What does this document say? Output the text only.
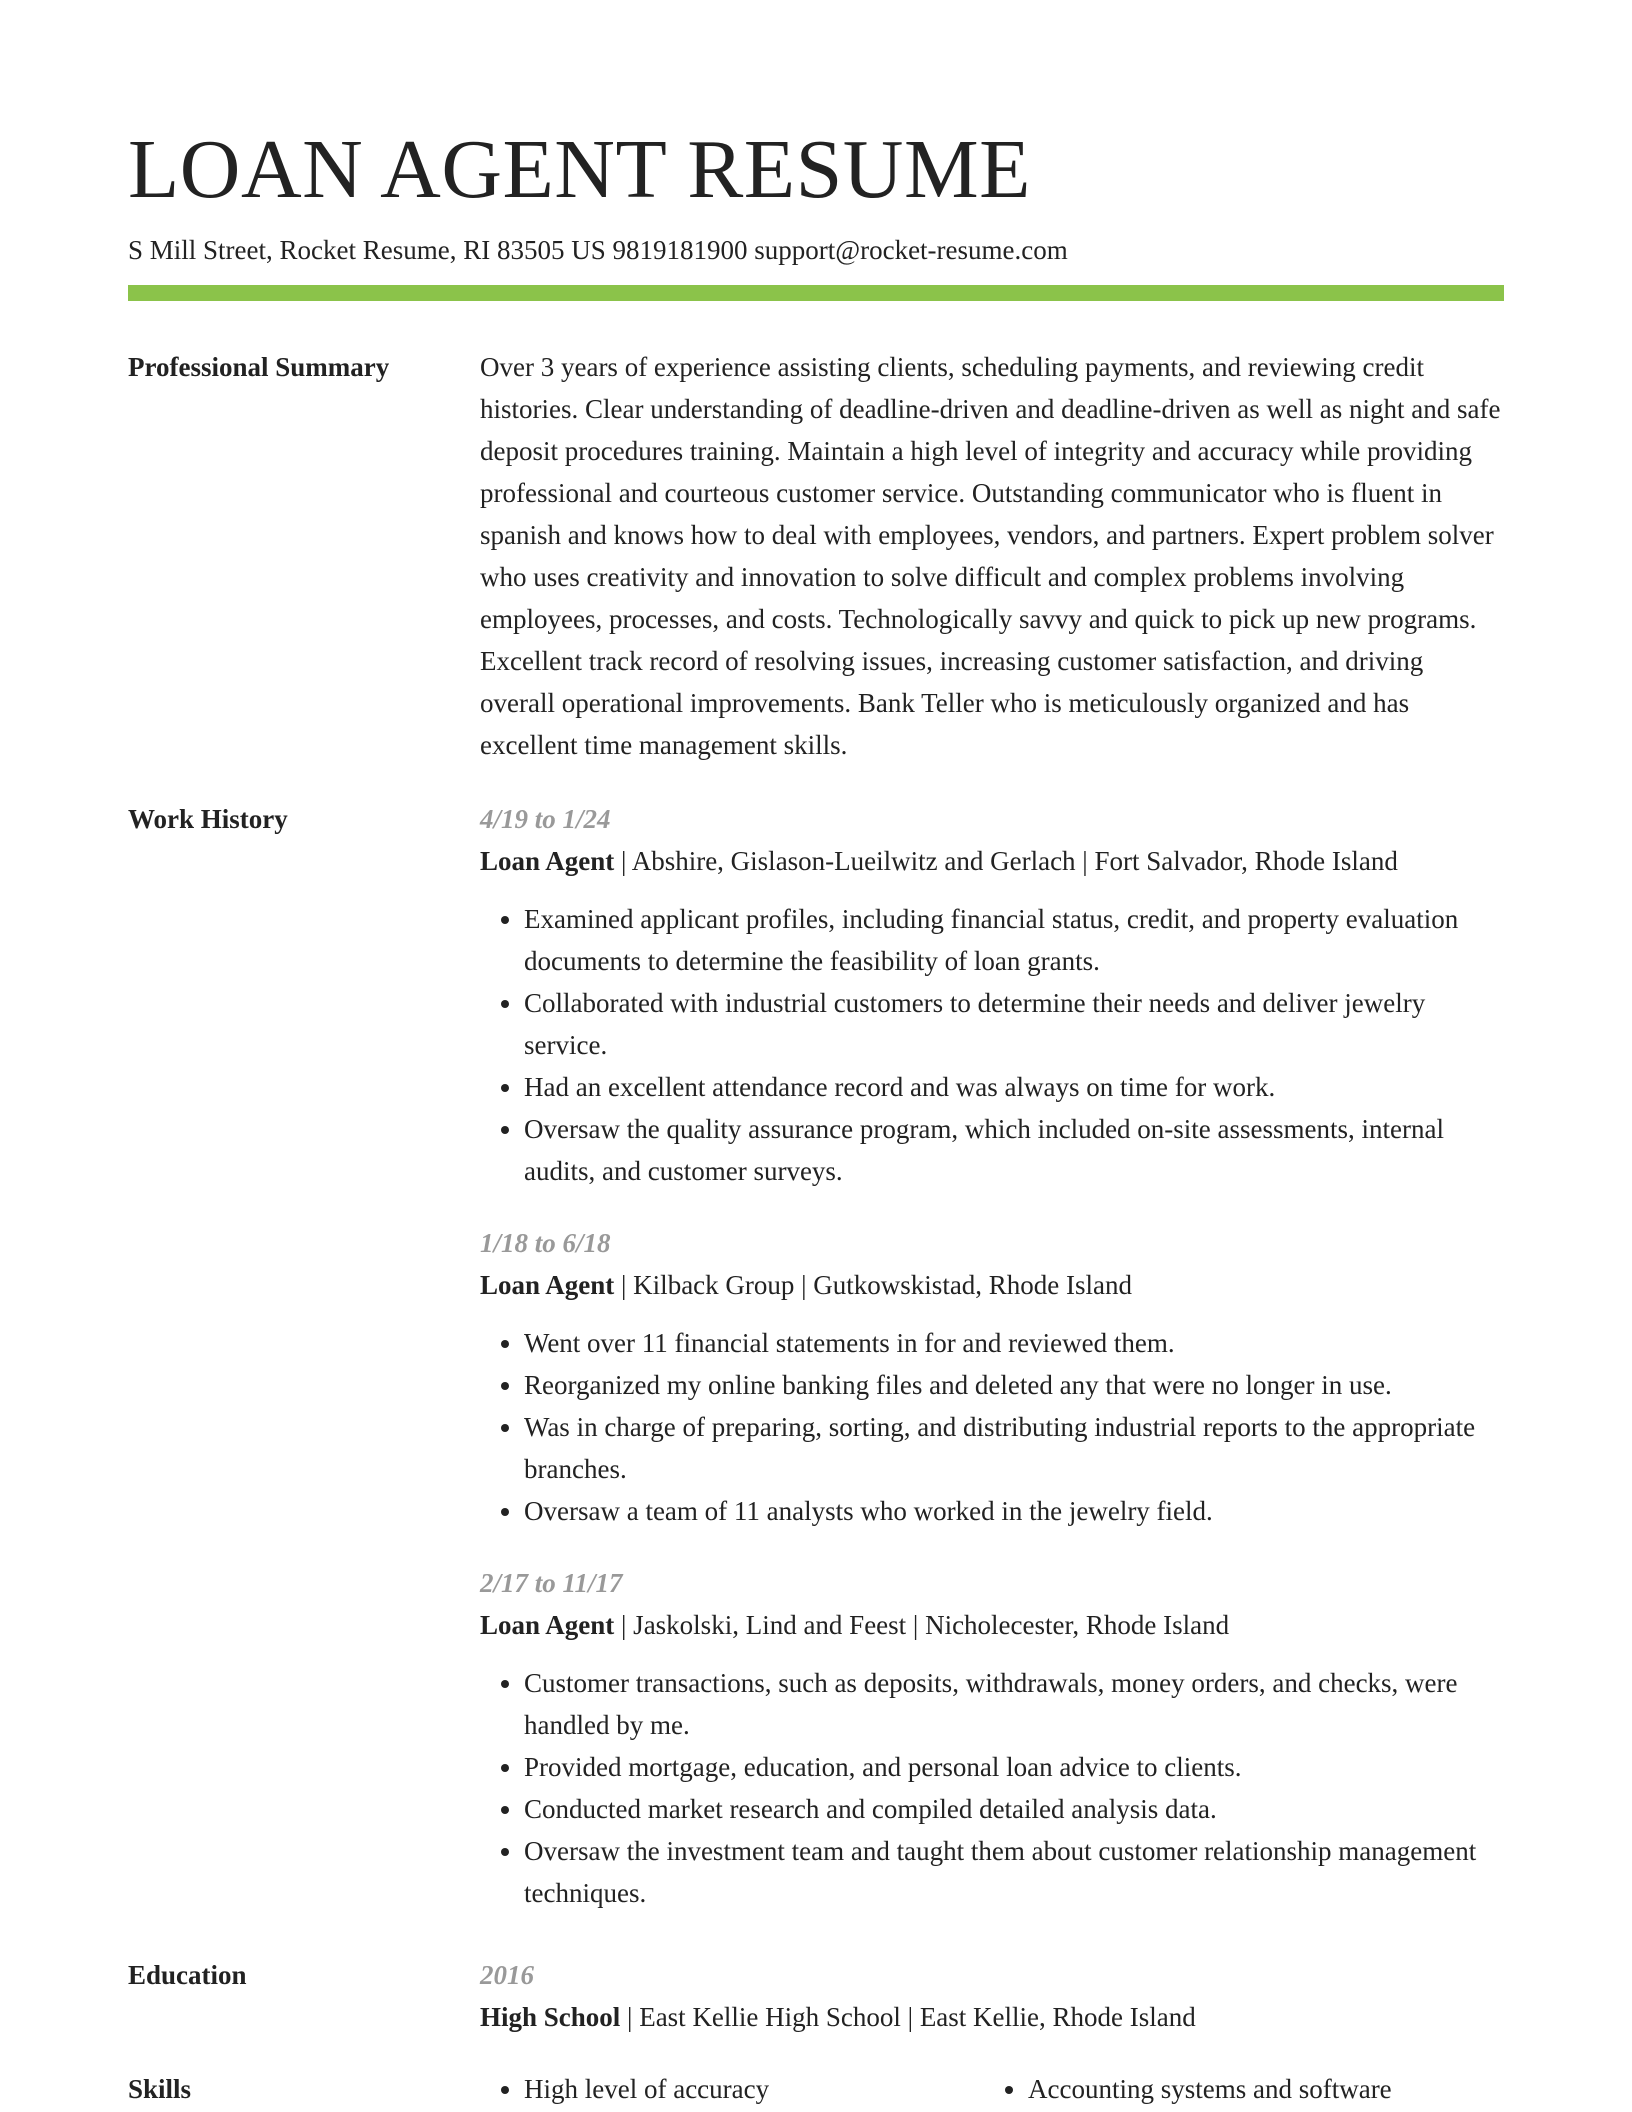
LOAN AGENT RESUME
S Mill Street, Rocket Resume, RI 83505 US 9819181900 support@rocket-resume.com
Professional Summary	Over 3 years of experience assisting clients, scheduling payments, and reviewing credit histories. Clear understanding of deadline-driven and deadline-driven as well as night and safe deposit procedures training. Maintain a high level of integrity and accuracy while providing professional and courteous customer service. Outstanding communicator who is fluent in spanish and knows how to deal with employees, vendors, and partners. Expert problem solver who uses creativity and innovation to solve difficult and complex problems involving employees, processes, and costs. Technologically savvy and quick to pick up new programs. Excellent track record of resolving issues, increasing customer satisfaction, and driving overall operational improvements. Bank Teller who is meticulously organized and has excellent time management skills.

Work History	4/19 to 1/24
Loan Agent | Abshire, Gislason-Lueilwitz and Gerlach | Fort Salvador, Rhode Island
• Examined applicant profiles, including financial status, credit, and property evaluation documents to determine the feasibility of loan grants.
• Collaborated with industrial customers to determine their needs and deliver jewelry service.
• Had an excellent attendance record and was always on time for work.
• Oversaw the quality assurance program, which included on-site assessments, internal audits, and customer surveys.
1/18 to 6/18
Loan Agent | Kilback Group | Gutkowskistad, Rhode Island
• Went over 11 financial statements in for and reviewed them.
• Reorganized my online banking files and deleted any that were no longer in use.
• Was in charge of preparing, sorting, and distributing industrial reports to the appropriate branches.
• Oversaw a team of 11 analysts who worked in the jewelry field.
2/17 to 11/17
Loan Agent | Jaskolski, Lind and Feest | Nicholecester, Rhode Island
• Customer transactions, such as deposits, withdrawals, money orders, and checks, were handled by me.
• Provided mortgage, education, and personal loan advice to clients.
• Conducted market research and compiled detailed analysis data.
• Oversaw the investment team and taught them about customer relationship management techniques.
Education	2016
High School | East Kellie High School | East Kellie, Rhode Island
Skills	• High level of accuracy	• Accounting systems and software
